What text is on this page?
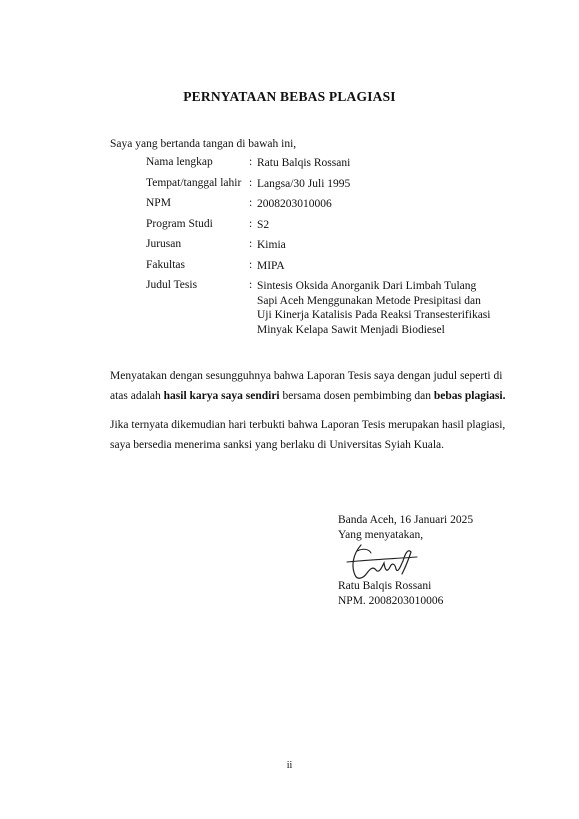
PERNYATAAN BEBAS PLAGIASI
Saya yang bertanda tangan di bawah ini,
Nama lengkap	: Ratu Balqis Rossani
Tempat/tanggal lahir : Langsa/30 Juli 1995
NPM	: 2008203010006
Program Studi	: S2
Jurusan	: Kimia
Fakultas	: MIPA
Judul Tesis	: Sintesis Oksida Anorganik Dari Limbah Tulang
Sapi Aceh Menggunakan Metode Presipitasi dan
Uji Kinerja Katalisis Pada Reaksi Transesterifikasi
Minyak Kelapa Sawit Menjadi Biodiesel
Menyatakan dengan sesungguhnya bahwa Laporan Tesis saya dengan judul seperti di
atas adalah hasil karya saya sendiri bersama dosen pembimbing dan bebas plagiasi.
Jika ternyata dikemudian hari terbukti bahwa Laporan Tesis merupakan hasil plagiasi,
saya bersedia menerima sanksi yang berlaku di Universitas Syiah Kuala.
Banda Aceh, 16 Januari 2025
Yang menyatakan,
Ratu Balqis Rossani
NPM. 2008203010006
ii
